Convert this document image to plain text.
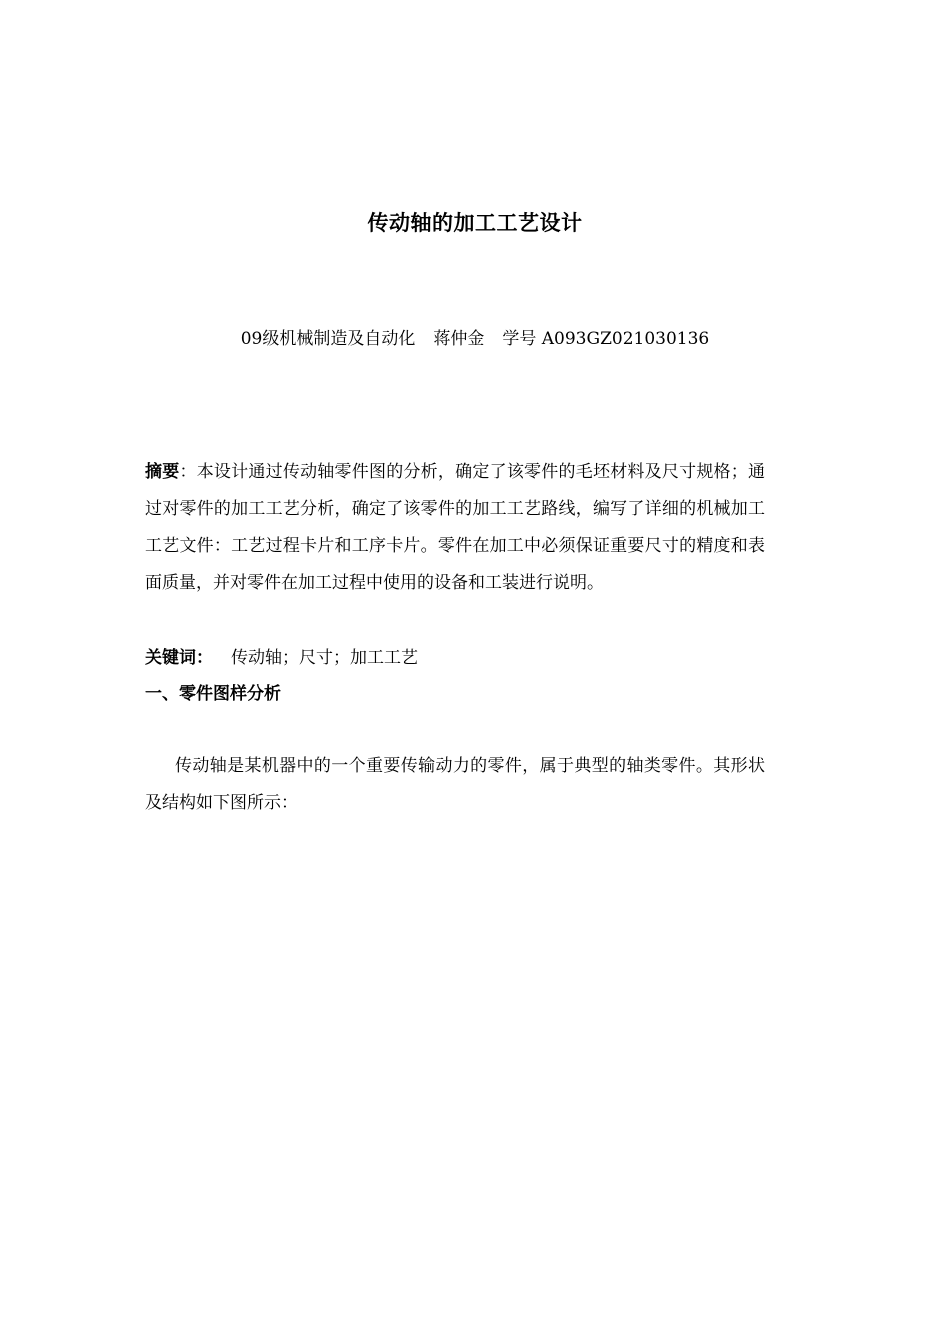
传动轴的加工工艺设计
09级机械制造及自动化 蒋仲金 学号 A093GZ021030136
摘要：本设计通过传动轴零件图的分析，确定了该零件的毛坯材料及尺寸规格；通过对零件的加工工艺分析，确定了该零件的加工工艺路线，编写了详细的机械加工工艺文件：工艺过程卡片和工序卡片。零件在加工中必须保证重要尺寸的精度和表面质量，并对零件在加工过程中使用的设备和工装进行说明。
关键词： 传动轴；尺寸；加工工艺
一、零件图样分析
传动轴是某机器中的一个重要传输动力的零件，属于典型的轴类零件。其形状及结构如下图所示：
